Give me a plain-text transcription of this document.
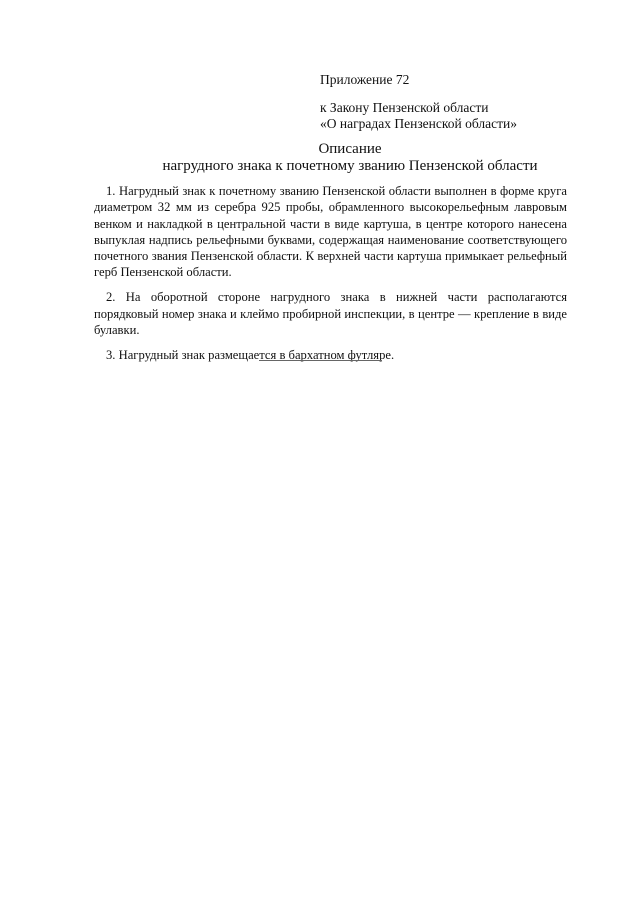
Приложение 72
к Закону Пензенской области
«О наградах Пензенской области»
Описание
нагрудного знака к почетному званию Пензенской области

1. Нагрудный знак к почетному званию Пензенской области выполнен в форме круга диаметром 32 мм из серебра 925 пробы, обрамленного высокорельефным лавровым венком и накладкой в центральной части в виде картуша, в центре которого нанесена выпуклая надпись рельефными буквами, содержащая наименование соответствующего почетного звания Пензенской области. К верхней части картуша примыкает рельефный герб Пензенской области.

2. На оборотной стороне нагрудного знака в нижней части располагаются порядковый номер знака и клеймо пробирной инспекции, в центре — крепление в виде булавки.

3. Нагрудный знак размещается в бархатном футляре.
